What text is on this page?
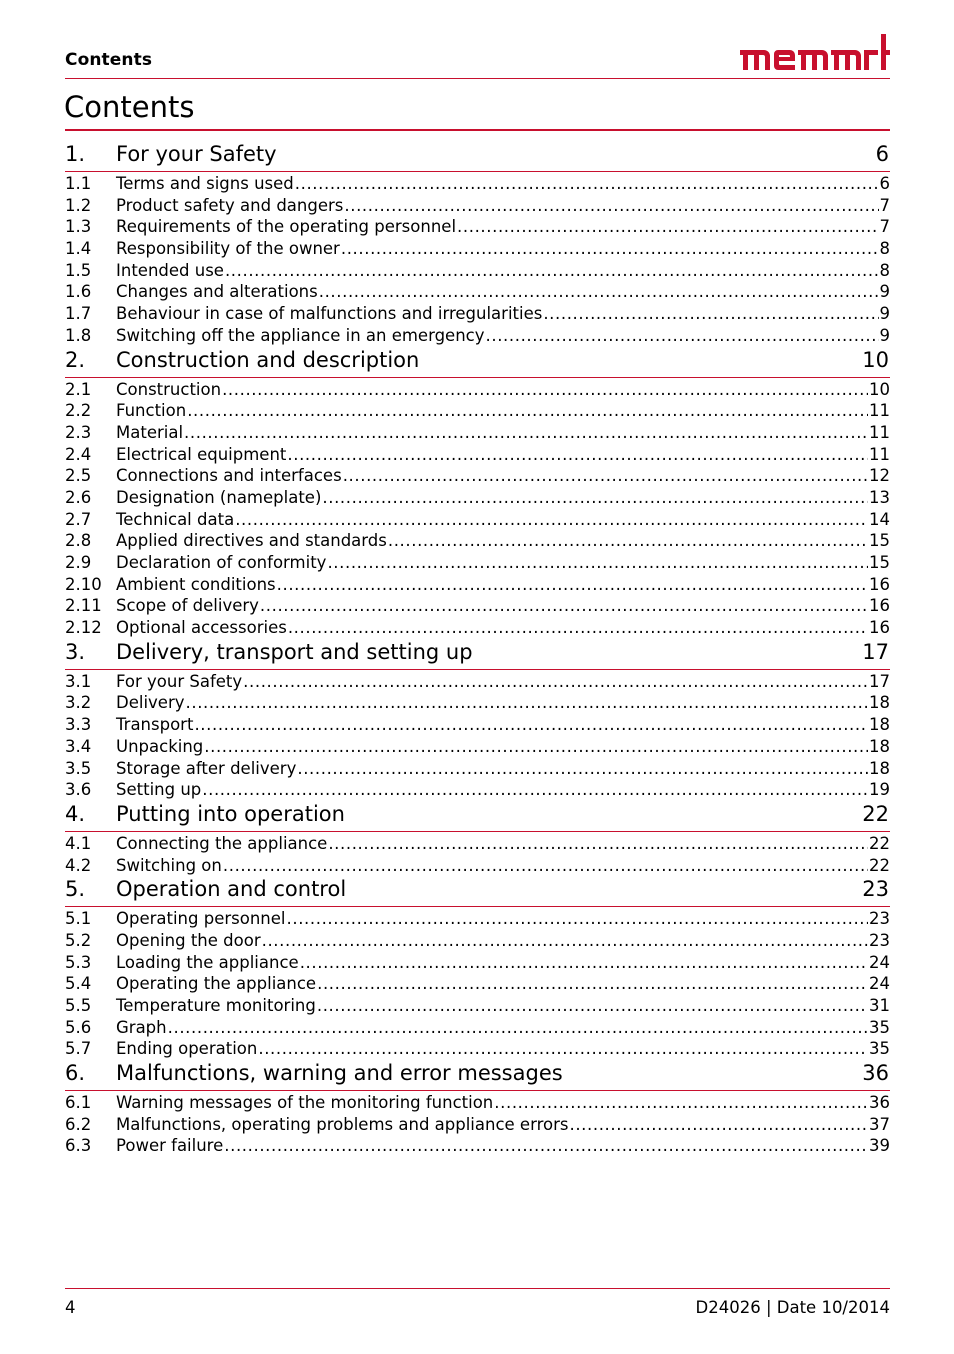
Contents
Contents
1. For your Safety	6
1.1 Terms and signs used .....	6
1.2 Product safety and dangers .....	7
1.3 Requirements of the operating personnel .....	7
1.4 Responsibility of the owner .....	8
1.5 Intended use .....	8
1.6 Changes and alterations .....	9
1.7 Behaviour in case of malfunctions and irregularities .....	9
1.8 Switching off the appliance in an emergency .....	9
2. Construction and description	10
2.1 Construction .....	10
2.2 Function .....	11
2.3 Material .....	11
2.4 Electrical equipment .....	11
2.5 Connections and interfaces .....	12
2.6 Designation (nameplate) .....	13
2.7 Technical data .....	14
2.8 Applied directives and standards .....	15
2.9 Declaration of conformity .....	15
2.10 Ambient conditions .....	16
2.11 Scope of delivery .....	16
2.12 Optional accessories .....	16
3. Delivery, transport and setting up	17
3.1 For your Safety .....	17
3.2 Delivery .....	18
3.3 Transport .....	18
3.4 Unpacking .....	18
3.5 Storage after delivery .....	18
3.6 Setting up .....	19
4. Putting into operation	22
4.1 Connecting the appliance .....	22
4.2 Switching on .....	22
5. Operation and control	23
5.1 Operating personnel .....	23
5.2 Opening the door .....	23
5.3 Loading the appliance .....	24
5.4 Operating the appliance .....	24
5.5 Temperature monitoring .....	31
5.6 Graph .....	35
5.7 Ending operation .....	35
6. Malfunctions, warning and error messages	36
6.1 Warning messages of the monitoring function .....	36
6.2 Malfunctions, operating problems and appliance errors .....	37
6.3 Power failure .....	39
4	D24026 | Date 10/2014
